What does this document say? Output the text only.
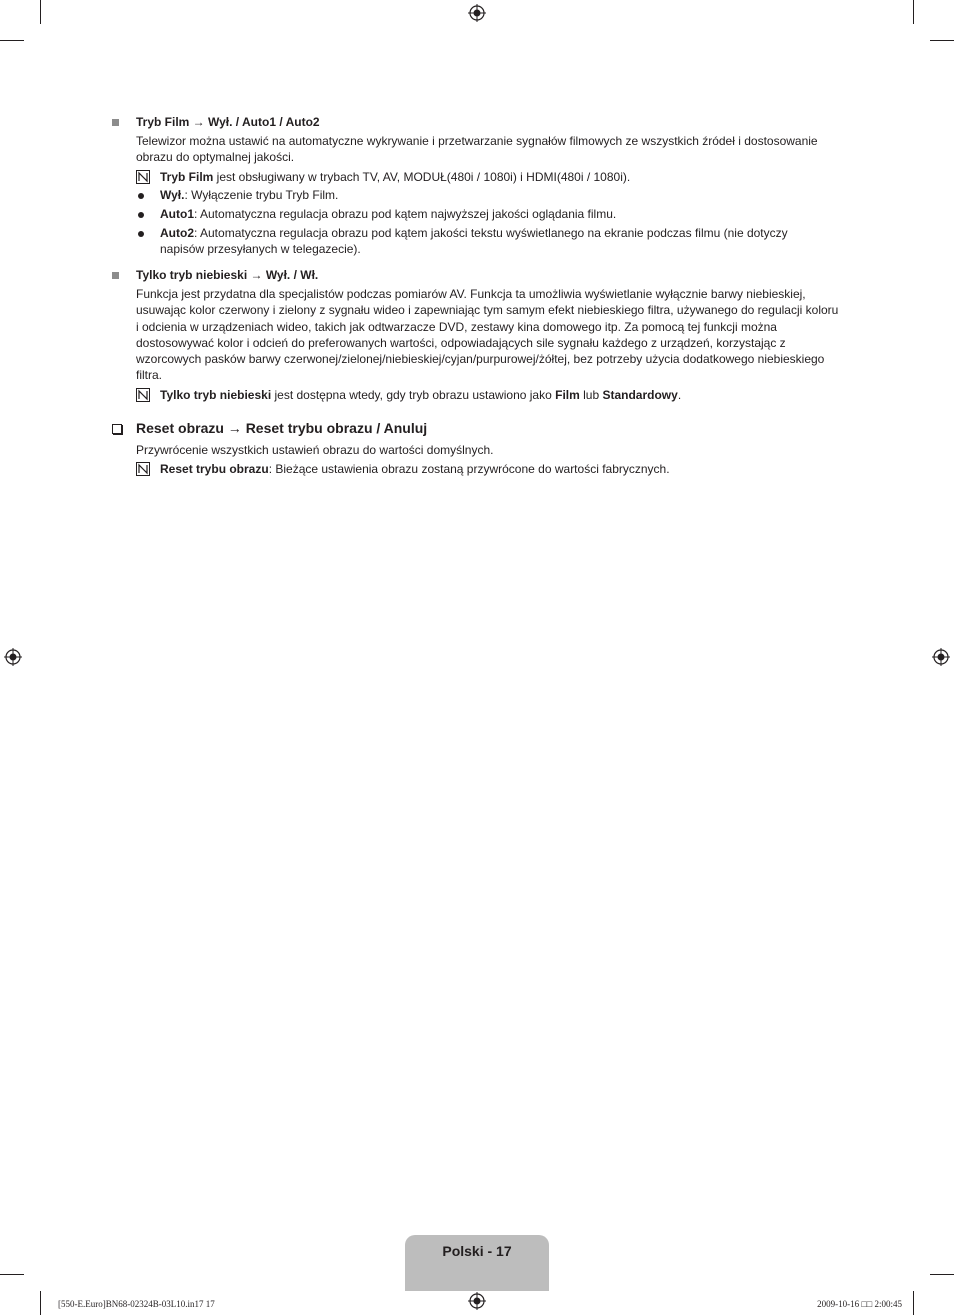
Tryb Film → Wył. / Auto1 / Auto2
Telewizor można ustawić na automatyczne wykrywanie i przetwarzanie sygnałów filmowych ze wszystkich źródeł i dostosowanie obrazu do optymalnej jakości.
Tryb Film jest obsługiwany w trybach TV, AV, MODUŁ(480i / 1080i) i HDMI(480i / 1080i).
Wył.: Wyłączenie trybu Tryb Film.
Auto1: Automatyczna regulacja obrazu pod kątem najwyższej jakości oglądania filmu.
Auto2: Automatyczna regulacja obrazu pod kątem jakości tekstu wyświetlanego na ekranie podczas filmu (nie dotyczy napisów przesyłanych w telegazecie).
Tylko tryb niebieski → Wył. / Wł.
Funkcja jest przydatna dla specjalistów podczas pomiarów AV. Funkcja ta umożliwia wyświetlanie wyłącznie barwy niebieskiej, usuwając kolor czerwony i zielony z sygnału wideo i zapewniając tym samym efekt niebieskiego filtra, używanego do regulacji koloru i odcienia w urządzeniach wideo, takich jak odtwarzacze DVD, zestawy kina domowego itp. Za pomocą tej funkcji można dostosowywać kolor i odcień do preferowanych wartości, odpowiadających sile sygnału każdego z urządzeń, korzystając z wzorcowych pasków barwy czerwonej/zielonej/niebieskiej/cyjan/purpurowej/żółtej, bez potrzeby użycia dodatkowego niebieskiego filtra.
Tylko tryb niebieski jest dostępna wtedy, gdy tryb obrazu ustawiono jako Film lub Standardowy.
Reset obrazu → Reset trybu obrazu / Anuluj
Przywrócenie wszystkich ustawień obrazu do wartości domyślnych.
Reset trybu obrazu: Bieżące ustawienia obrazu zostaną przywrócone do wartości fabrycznych.
Polski - 17
[550-E.Euro]BN68-02324B-03L10.in17 17	2009-10-16 □□ 2:00:45
